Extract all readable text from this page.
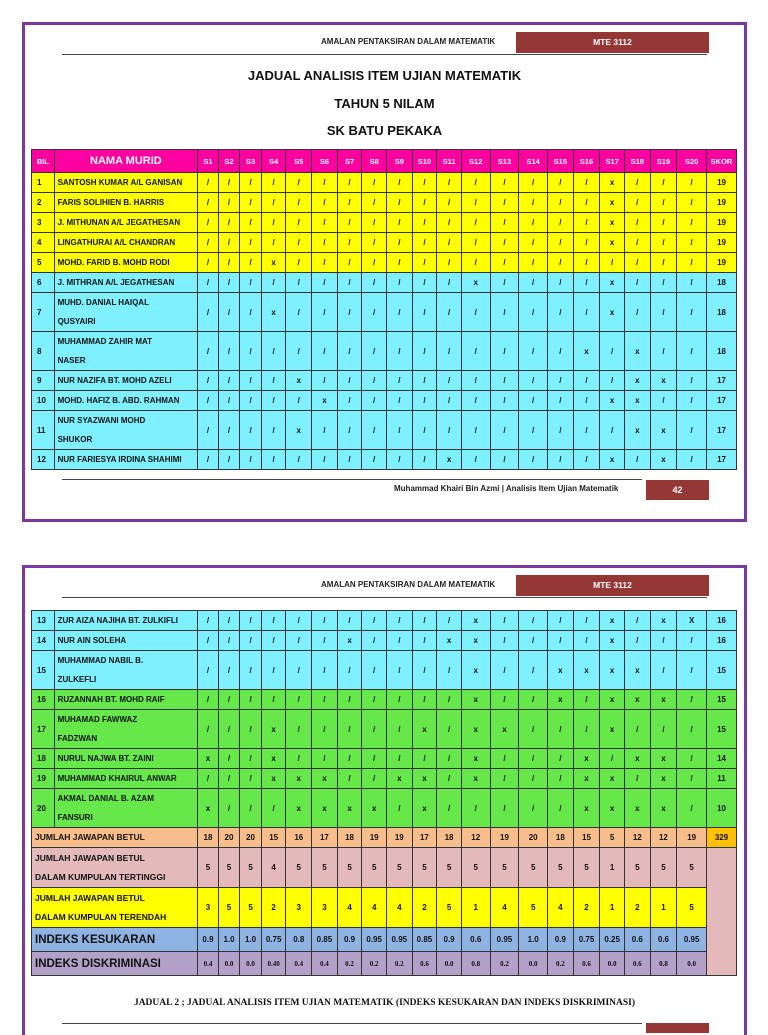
AMALAN PENTAKSIRAN DALAM MATEMATIK	MTE 3112
JADUAL ANALISIS ITEM UJIAN MATEMATIK
TAHUN 5 NILAM
SK BATU PEKAKA
BIL	NAMA MURID	S1	S2	S3	S4	S5	S6	S7	S8	S9	S10	S11	S12	S13	S14	S15	S16	S17	S18	S19	S20	SKOR
1	SANTOSH KUMAR A/L GANISAN	/	/	/	/	/	/	/	/	/	/	/	/	/	/	/	/	x	/	/	/	19
2	FARIS SOLIHIEN B. HARRIS	/	/	/	/	/	/	/	/	/	/	/	/	/	/	/	/	x	/	/	/	19
3	J. MITHUNAN A/L JEGATHESAN	/	/	/	/	/	/	/	/	/	/	/	/	/	/	/	/	x	/	/	/	19
4	LINGATHURAI A/L CHANDRAN	/	/	/	/	/	/	/	/	/	/	/	/	/	/	/	/	x	/	/	/	19
5	MOHD. FARID B. MOHD RODI	/	/	/	x	/	/	/	/	/	/	/	/	/	/	/	/	/	/	/	/	19
6	J. MITHRAN A/L JEGATHESAN	/	/	/	/	/	/	/	/	/	/	/	x	/	/	/	/	x	/	/	/	18
7	MUHD. DANIAL HAIQAL
QUSYAIRI	/	/	/	x	/	/	/	/	/	/	/	/	/	/	/	/	x	/	/	/	18
8	MUHAMMAD ZAHIR MAT
NASER	/	/	/	/	/	/	/	/	/	/	/	/	/	/	/	x	/	x	/	/	18
9	NUR NAZIFA BT. MOHD AZELI	/	/	/	/	x	/	/	/	/	/	/	/	/	/	/	/	/	x	x	/	17
10	MOHD. HAFIZ B. ABD. RAHMAN	/	/	/	/	/	x	/	/	/	/	/	/	/	/	/	/	x	x	/	/	17
11	NUR SYAZWANI MOHD
SHUKOR	/	/	/	/	x	/	/	/	/	/	/	/	/	/	/	/	/	x	x	/	17
12	NUR FARIESYA IRDINA SHAHIMI	/	/	/	/	/	/	/	/	/	/	x	/	/	/	/	/	x	/	x	/	17
Muhammad Khairi Bin Azmi | Analisis Item Ujian Matematik	42
AMALAN PENTAKSIRAN DALAM MATEMATIK	MTE 3112
13	ZUR AIZA NAJIHA BT. ZULKIFLI	/	/	/	/	/	/	/	/	/	/	/	x	/	/	/	/	x	/	x	X	16
14	NUR AIN SOLEHA	/	/	/	/	/	/	x	/	/	/	x	x	/	/	/	/	x	/	/	/	16
15	MUHAMMAD NABIL B.
ZULKEFLI	/	/	/	/	/	/	/	/	/	/	/	x	/	/	x	x	x	x	/	/	15
16	RUZANNAH BT. MOHD RAIF	/	/	/	/	/	/	/	/	/	/	/	x	/	/	x	/	x	x	x	/	15
17	MUHAMAD FAWWAZ
FADZWAN	/	/	/	x	/	/	/	/	/	x	/	x	x	/	/	/	x	/	/	/	15
18	NURUL NAJWA BT. ZAINI	x	/	/	x	/	/	/	/	/	/	/	x	/	/	/	x	/	x	x	/	14
19	MUHAMMAD KHAIRUL ANWAR	/	/	/	x	x	x	/	/	x	x	/	x	/	/	/	x	x	/	x	/	11
20	AKMAL DANIAL B. AZAM
FANSURI	x	/	/	/	x	x	x	x	/	x	/	/	/	/	/	x	x	x	x	/	10
JUMLAH JAWAPAN BETUL		18	20	20	15	16	17	18	19	19	17	18	12	19	20	18	15	5	12	12	19	329

JUMLAH JAWAPAN BETUL
DALAM KUMPULAN TERTINGGI		5	5	5	4	5	5	5	5	5	5	5	5	5	5	5	5	1	5	5	5	

JUMLAH JAWAPAN BETUL
DALAM KUMPULAN TERENDAH		3	5	5	2	3	3	4	4	4	2	5	1	4	5	4	2	1	2	1	5	
INDEKS KESUKARAN		0.9	1.0	1.0	0.75	0.8	0.85	0.9	0.95	0.95	0.85	0.9	0.6	0.95	1.0	0.9	0.75	0.25	0.6	0.6	0.95	
INDEKS DISKRIMINASI		0.4	0.0	0.0	0.40	0.4	0.4	0.2	0.2	0.2	0.6	0.0	0.8	0.2	0.0	0.2	0.6	0.0	0.6	0.8	0.0	
JADUAL 2 ; JADUAL ANALISIS ITEM UJIAN MATEMATIK (INDEKS KESUKARAN DAN INDEKS DISKRIMINASI)
